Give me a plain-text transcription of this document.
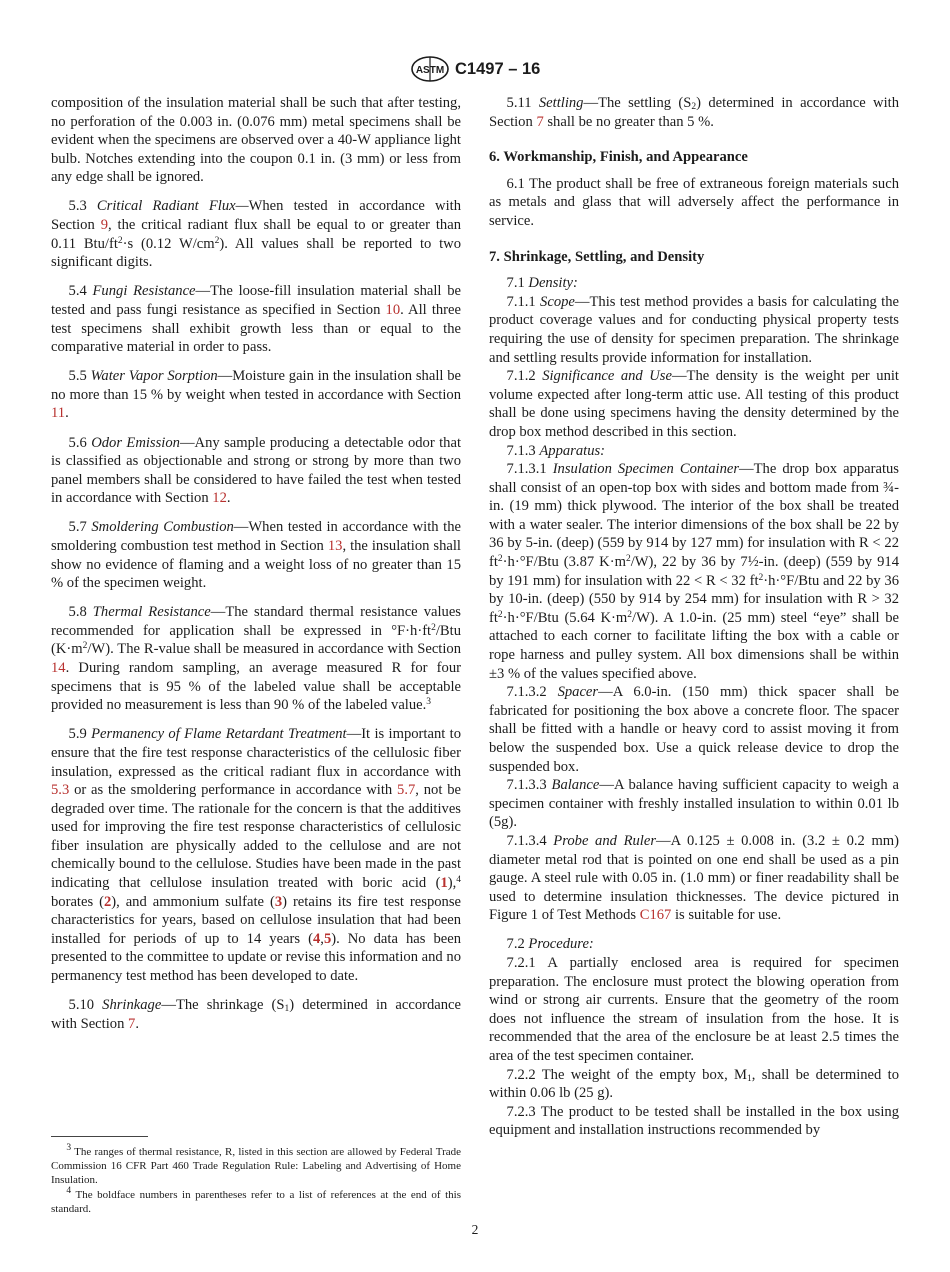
ASTM C1497 – 16

composition of the insulation material shall be such that after testing, no perforation of the 0.003 in. (0.076 mm) metal specimens shall be evident when the specimens are observed over a 40-W appliance light bulb. Notches extending into the coupon 0.1 in. (3 mm) or less from any edge shall be ignored.

5.3 Critical Radiant Flux—When tested in accordance with Section 9, the critical radiant flux shall be equal to or greater than 0.11 Btu/$ft^2\cdot s$ (0.12 $W/cm^2$). All values shall be reported to two significant digits.

5.4 Fungi Resistance—The loose-fill insulation material shall be tested and pass fungi resistance as specified in Section 10. All three test specimens shall exhibit growth less than or equal to the comparative material in order to pass.

5.5 Water Vapor Sorption—Moisture gain in the insulation shall be no more than 15 % by weight when tested in accordance with Section 11.

5.6 Odor Emission—Any sample producing a detectable odor that is classified as objectionable and strong or strong by more than two panel members shall be considered to have failed the test when tested in accordance with Section 12.

5.7 Smoldering Combustion—When tested in accordance with the smoldering combustion test method in Section 13, the insulation shall show no evidence of flaming and a weight loss of no greater than 15 % of the specimen weight.

5.8 Thermal Resistance—The standard thermal resistance values recommended for application shall be expressed in $^\circ F\cdot h\cdot ft^2$/Btu $(K\cdot m^2/W)$. The R-value shall be measured in accordance with Section 14. During random sampling, an average measured R for four specimens that is 95 % of the labeled value shall be acceptable provided no measurement is less than 90 % of the labeled value.$^3$

5.9 Permanency of Flame Retardant Treatment—It is important to ensure that the fire test response characteristics of the cellulosic fiber insulation, expressed as the critical radiant flux in accordance with 5.3 or as the smoldering performance in accordance with 5.7, not be degraded over time. The rationale for the concern is that the additives used for improving the fire test response characteristics of cellulosic fiber insulation are physically added to the cellulose and are not chemically bound to the cellulose. Studies have been made in the past indicating that cellulose insulation treated with boric acid (1),$^4$ borates (2), and ammonium sulfate (3) retains its fire test response characteristics for years, based on cellulose insulation that had been installed for periods of up to 14 years (4,5). No data has been presented to the committee to update or revise this information and no permanency test method has been developed to date.

5.10 Shrinkage—The shrinkage $(S_1)$ determined in accordance with Section 7.

5.11 Settling—The settling $(S_2)$ determined in accordance with Section 7 shall be no greater than 5 %.

6. Workmanship, Finish, and Appearance

6.1 The product shall be free of extraneous foreign materials such as metals and glass that will adversely affect the performance in service.

7. Shrinkage, Settling, and Density

7.1 Density:

7.1.1 Scope—This test method provides a basis for calculating the product coverage values and for conducting physical property tests requiring the use of density for specimen preparation. The shrinkage and settling results provide information for installation.

7.1.2 Significance and Use—The density is the weight per unit volume expected after long-term attic use. All testing of this product shall be done using specimens having the density determined by the drop box method described in this section.

7.1.3 Apparatus:

7.1.3.1 Insulation Specimen Container—The drop box apparatus shall consist of an open-top box with sides and bottom made from ¾-in. (19 mm) thick plywood. The interior of the box shall be treated with a water sealer. The interior dimensions of the box shall be 22 by 36 by 5-in. (deep) (559 by 914 by 127 mm) for insulation with R < 22 $ft^2\cdot h\cdot^\circ F$/Btu (3.87 $K\cdot m^2/W$), 22 by 36 by 7½-in. (deep) (559 by 914 by 191 mm) for insulation with 22 < R < 32 $ft^2\cdot h\cdot^\circ F$/Btu and 22 by 36 by 10-in. (deep) (550 by 914 by 254 mm) for insulation with R > 32 $ft^2\cdot h\cdot^\circ F$/Btu (5.64 $K\cdot m^2/W$). A 1.0-in. (25 mm) steel “eye” shall be attached to each corner to facilitate lifting the box with a cable or rope harness and pulley system. All box dimensions shall be within ±3 % of the values specified above.

7.1.3.2 Spacer—A 6.0-in. (150 mm) thick spacer shall be fabricated for positioning the box above a concrete floor. The spacer shall be fitted with a handle or heavy cord to assist moving it from below the suspended box. Use a quick release device to drop the suspended box.

7.1.3.3 Balance—A balance having sufficient capacity to weigh a specimen container with freshly installed insulation to within 0.01 lb (5g).

7.1.3.4 Probe and Ruler—A 0.125 ± 0.008 in. (3.2 ± 0.2 mm) diameter metal rod that is pointed on one end shall be used as a pin gauge. A steel rule with 0.05 in. (1.0 mm) or finer readability shall be used to determine insulation thicknesses. The device pictured in Figure 1 of Test Methods C167 is suitable for use.

7.2 Procedure:

7.2.1 A partially enclosed area is required for specimen preparation. The enclosure must protect the blowing operation from wind or strong air currents. Ensure that the geometry of the room does not influence the stream of insulation from the hose. It is recommended that the area of the enclosure be at least 2.5 times the area of the test specimen container.

7.2.2 The weight of the empty box, $M_1$, shall be determined to within 0.06 lb (25 g).

7.2.3 The product to be tested shall be installed in the box using equipment and installation instructions recommended by

$^3$ The ranges of thermal resistance, R, listed in this section are allowed by Federal Trade Commission 16 CFR Part 460 Trade Regulation Rule: Labeling and Advertising of Home Insulation.

$^4$ The boldface numbers in parentheses refer to a list of references at the end of this standard.

2
